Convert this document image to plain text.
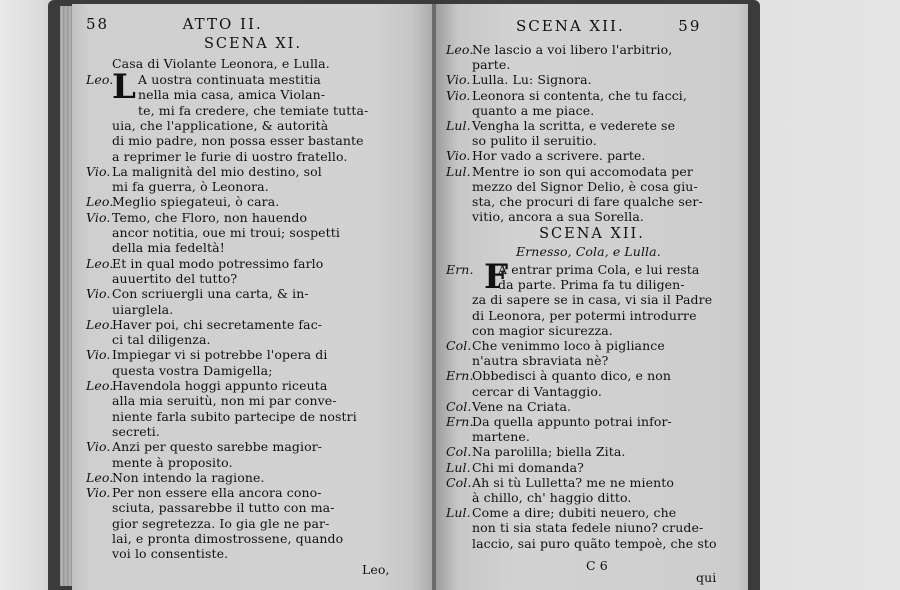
58	ATTO II.
SCENA XI.
Casa di Violante Leonora, e Lulla.
L
Leo. A uostra continuata mestitia
nella mia casa, amica Violan-
te, mi fa credere, che temiate tutta-
uia, che l'applicatione, & autorità
di mio padre, non possa esser bastante
a reprimer le furie di uostro fratello.
Vio. La malignità del mio destino, sol
mi fa guerra, ò Leonora.
Leo.Meglio spiegateui, ò cara.
Vio. Temo, che Floro, non hauendo
ancor notitia, oue mi troui; sospetti
della mia fedeltà!
Leo.Et in qual modo potressimo farlo
auuertito del tutto?
Vio. Con scriuergli una carta, & in-
uiarglela.
Leo.Haver poi, chi secretamente fac-
ci tal diligenza.
Vio. Impiegar vi si potrebbe l'opera di
questa vostra Damigella;
Leo.Havendola hoggi appunto riceuta
alla mia seruitù, non mi par conve-
niente farla subito partecipe de nostri
secreti.
Vio. Anzi per questo sarebbe magior-
mente à proposito.
Leo.Non intendo la ragione.
Vio. Per non essere ella ancora cono-
sciuta, passarebbe il tutto con ma-
gior segretezza. Io gia gle ne par-
lai, e pronta dimostrossene, quando
voi lo consentiste.
Leo,
SCENA XII.	59
Leo.Ne lascio a voi libero l'arbitrio,
parte.
Vio. Lulla. Lu: Signora.
Vio. Leonora si contenta, che tu facci,
quanto a me piace.
Lul.Vengha la scritta, e vederete se
so pulito il seruitio.
Vio. Hor vado a scrivere. parte.
Lul.Mentre io son qui accomodata per
mezzo del Signor Delio, è cosa giu-
sta, che procuri di fare qualche ser-
vitio, ancora a sua Sorella.
SCENA XII.
Ernesso, Cola, e Lulla.
F
Ern. A entrar prima Cola, e lui resta
da parte. Prima fa tu diligen-
za di sapere se in casa, vi sia il Padre
di Leonora, per potermi introdurre
con magior sicurezza.
Col.Che venimmo loco à pigliance
n'autra sbraviata nè?
Ern.Obbedisci à quanto dico, e non
cercar di Vantaggio.
Col.Vene na Criata.
Ern.Da quella appunto potrai infor-
martene.
Col.Na parolilla; biella Zita.
Lul.Chi mi domanda?
Col.Ah si tù Lulletta? me ne miento
à chillo, ch' haggio ditto.
Lul.Come a dire; dubiti neuero, che
non ti sia stata fedele niuno? crude-
laccio, sai puro quãto tempoè, che sto
C 6
qui
